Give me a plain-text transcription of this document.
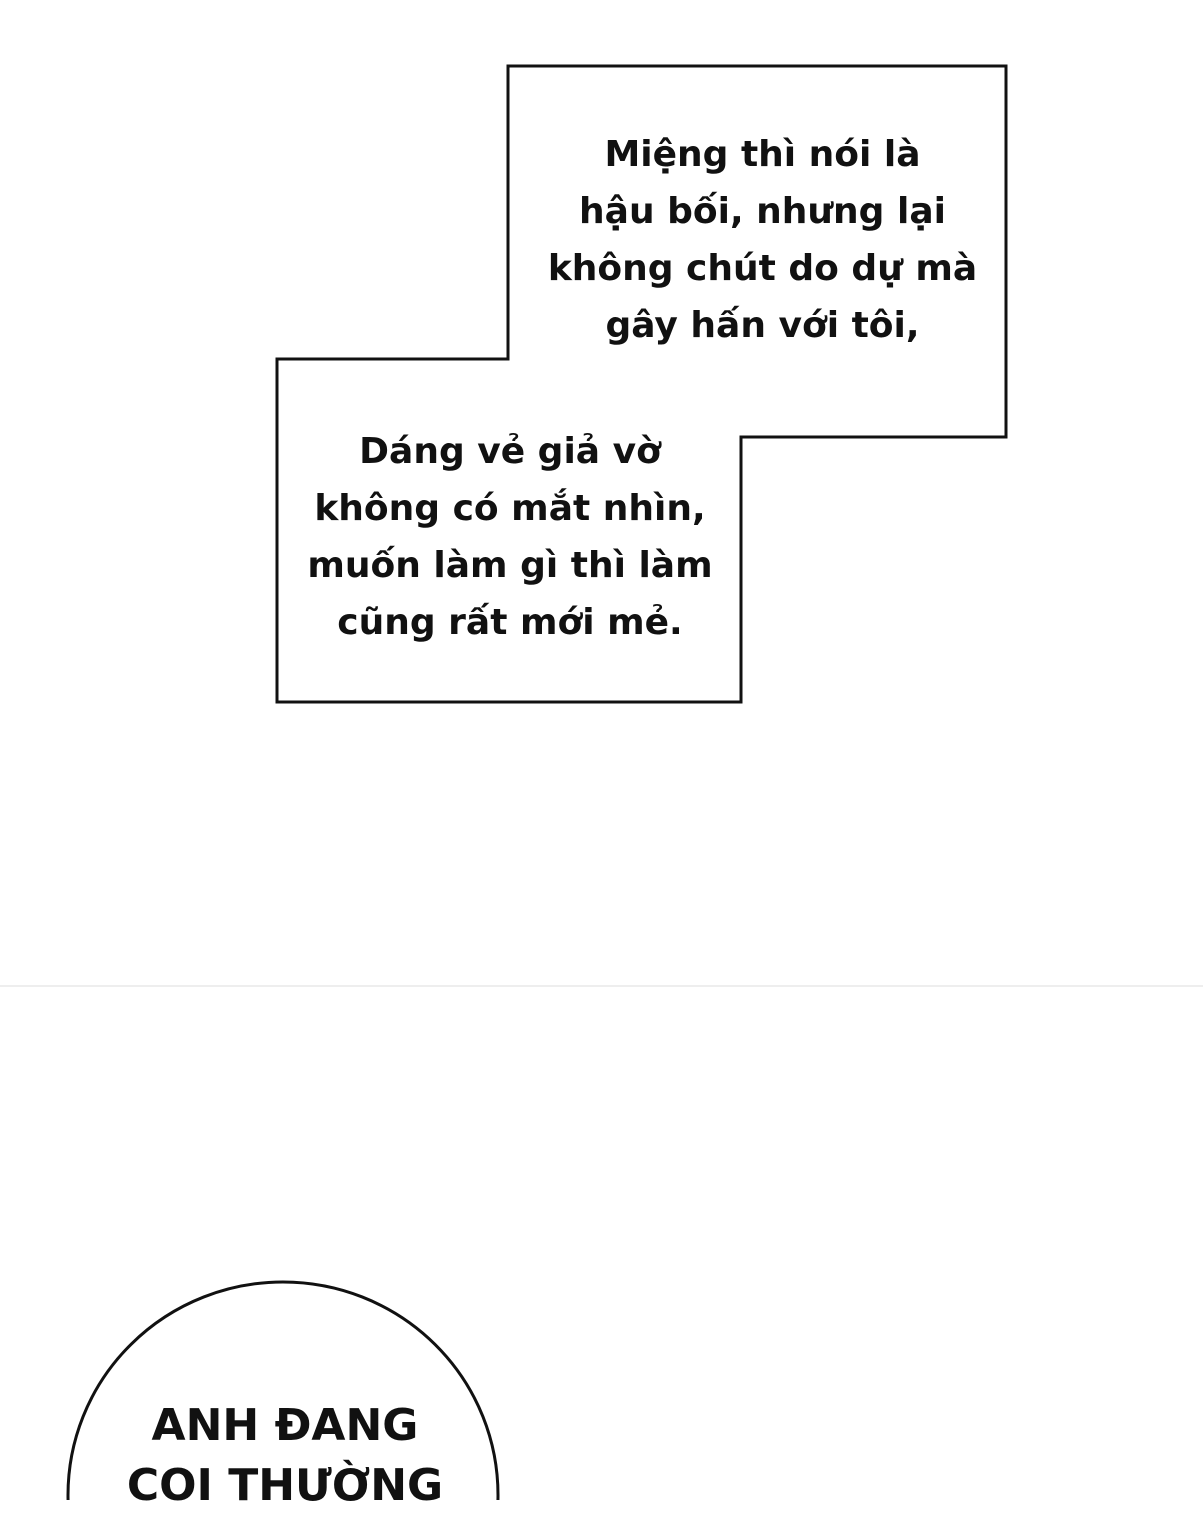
Miệng thì nói là
hậu bối, nhưng lại
không chút do dự mà
gây hấn với tôi,
Dáng vẻ giả vờ
không có mắt nhìn,
muốn làm gì thì làm
cũng rất mới mẻ.
ANH ĐANG
COI THƯỜNG
